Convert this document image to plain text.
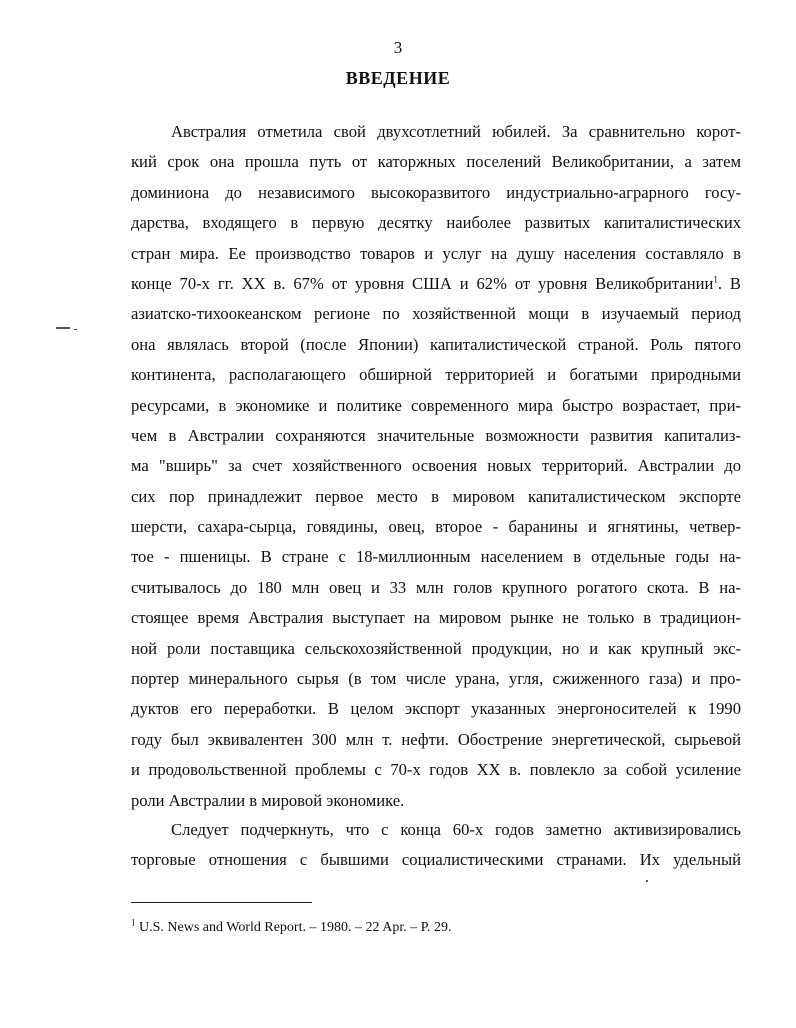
3
ВВЕДЕНИЕ
Австралия отметила свой двухсотлетний юбилей. За сравнительно корот-
кий срок она прошла путь от каторжных поселений Великобритании, а затем
доминиона до независимого высокоразвитого индустриально-аграрного госу-
дарства, входящего в первую десятку наиболее развитых капиталистических
стран мира. Ее производство товаров и услуг на душу населения составляло в
конце 70-х гг. XX в. 67% от уровня США и 62% от уровня Великобритании$^1$. В
азиатско-тихоокеанском регионе по хозяйственной мощи в изучаемый период
она являлась второй (после Японии) капиталистической страной. Роль пятого
континента, располагающего обширной территорией и богатыми природными
ресурсами, в экономике и политике современного мира быстро возрастает, при-
чем в Австралии сохраняются значительные возможности развития капитализ-
ма "вширь" за счет хозяйственного освоения новых территорий. Австралии до
сих пор принадлежит первое место в мировом капиталистическом экспорте
шерсти, сахара-сырца, говядины, овец, второе - баранины и ягнятины, четвер-
тое - пшеницы. В стране с 18-миллионным населением в отдельные годы на-
считывалось до 180 млн овец и 33 млн голов крупного рогатого скота. В на-
стоящее время Австралия выступает на мировом рынке не только в традицион-
ной роли поставщика сельскохозяйственной продукции, но и как крупный экс-
портер минерального сырья (в том числе урана, угля, сжиженного газа) и про-
дуктов его переработки. В целом экспорт указанных энергоносителей к 1990
году был эквивалентен 300 млн т. нефти. Обострение энергетической, сырьевой
и продовольственной проблемы с 70-х годов XX в. повлекло за собой усиление
роли Австралии в мировой экономике.
Следует подчеркнуть, что с конца 60-х годов заметно активизировались
торговые отношения с бывшими социалистическими странами. Их удельный
$^1$ U.S. News and World Report. – 1980. – 22 Apr. – P. 29.
